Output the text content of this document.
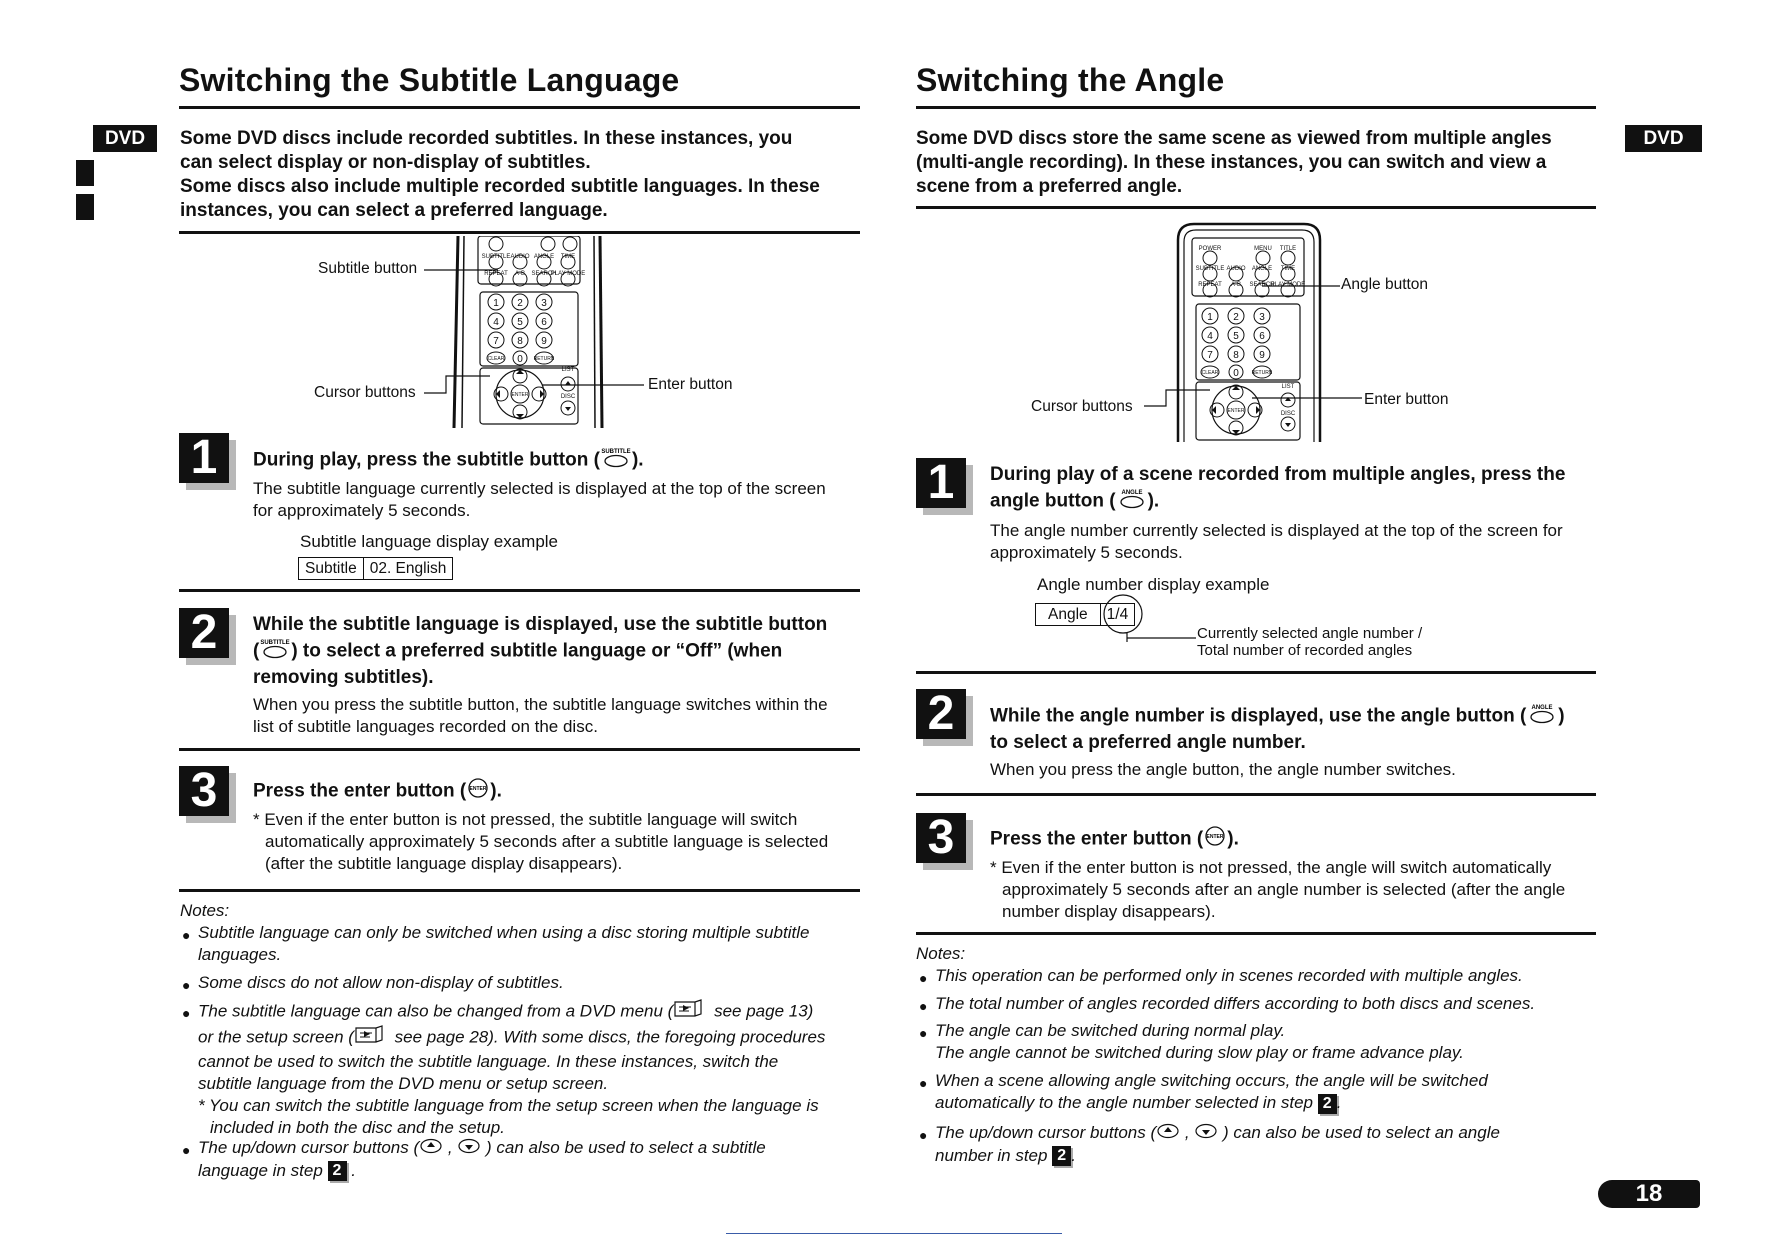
DVD
Switching the Subtitle Language
Some DVD discs include recorded subtitles. In these instances, you
can select display or non-display of subtitles.
Some discs also include multiple recorded subtitle languages. In these
instances, you can select a preferred language.
SUBTITLE AUDIO ANGLE TIME
REPEAT A-B SEARCH
PLAY MODE
1 2 3
4 5 6
7 8 9
0
CLEAR	RETURN
ENTER
LIST
DISC
Subtitle button
Cursor buttons	Enter button
1	During play, press the subtitle button ( SUBTITLE ).
The subtitle language currently selected is displayed at the top of the screen
for approximately 5 seconds.
Subtitle language display example
Subtitle 02. English
2	While the subtitle language is displayed, use the subtitle button
( SUBTITLE ) to select a preferred subtitle language or “Off” (when
removing subtitles).
When you press the subtitle button, the subtitle language switches within the
list of subtitle languages recorded on the disc.
3	Press the enter button ( ENTER ).
* Even if the enter button is not pressed, the subtitle language will switch
automatically approximately 5 seconds after a subtitle language is selected
(after the subtitle language display disappears).
Notes:
● Subtitle language can only be switched when using a disc storing multiple subtitle
languages.
● Some discs do not allow non-display of subtitles.
● The subtitle language can also be changed from a DVD menu ( see page 13)
or the setup screen ( see page 28). With some discs, the foregoing procedures
cannot be used to switch the subtitle language. In these instances, switch the
subtitle language from the DVD menu or setup screen.
* You can switch the subtitle language from the setup screen when the language is
included in both the disc and the setup.
● The up/down cursor buttons ( ,  ) can also be used to select a subtitle
language in step 2 .
DVD
Switching the Angle
Some DVD discs store the same scene as viewed from multiple angles
(multi-angle recording). In these instances, you can switch and view a
scene from a preferred angle.
POWER	MENU TITLE
SUBTITLE AUDIO ANGLE TIME
REPEAT A-B SEARCH
PLAY MODE
1 2 3
4 5 6
7 8 9
0
CLEAR	RETURN
ENTER
LIST
DISC
Angle button
Cursor buttons	Enter button
1	During play of a scene recorded from multiple angles, press the
angle button ( ANGLE ).
The angle number currently selected is displayed at the top of the screen for
approximately 5 seconds.
Angle number display example
Angle 1/4
Currently selected angle number /
Total number of recorded angles
2	While the angle number is displayed, use the angle button ( ANGLE )
to select a preferred angle number.
When you press the angle button, the angle number switches.
3	Press the enter button ( ENTER ).
* Even if the enter button is not pressed, the angle will switch automatically
approximately 5 seconds after an angle number is selected (after the angle
number display disappears).
Notes:
● This operation can be performed only in scenes recorded with multiple angles.
● The total number of angles recorded differs according to both discs and scenes.
● The angle can be switched during normal play.
The angle cannot be switched during slow play or frame advance play.
● When a scene allowing angle switching occurs, the angle will be switched
automatically to the angle number selected in step 2 .
● The up/down cursor buttons ( ,  ) can also be used to select an angle
number in step 2 .
18
